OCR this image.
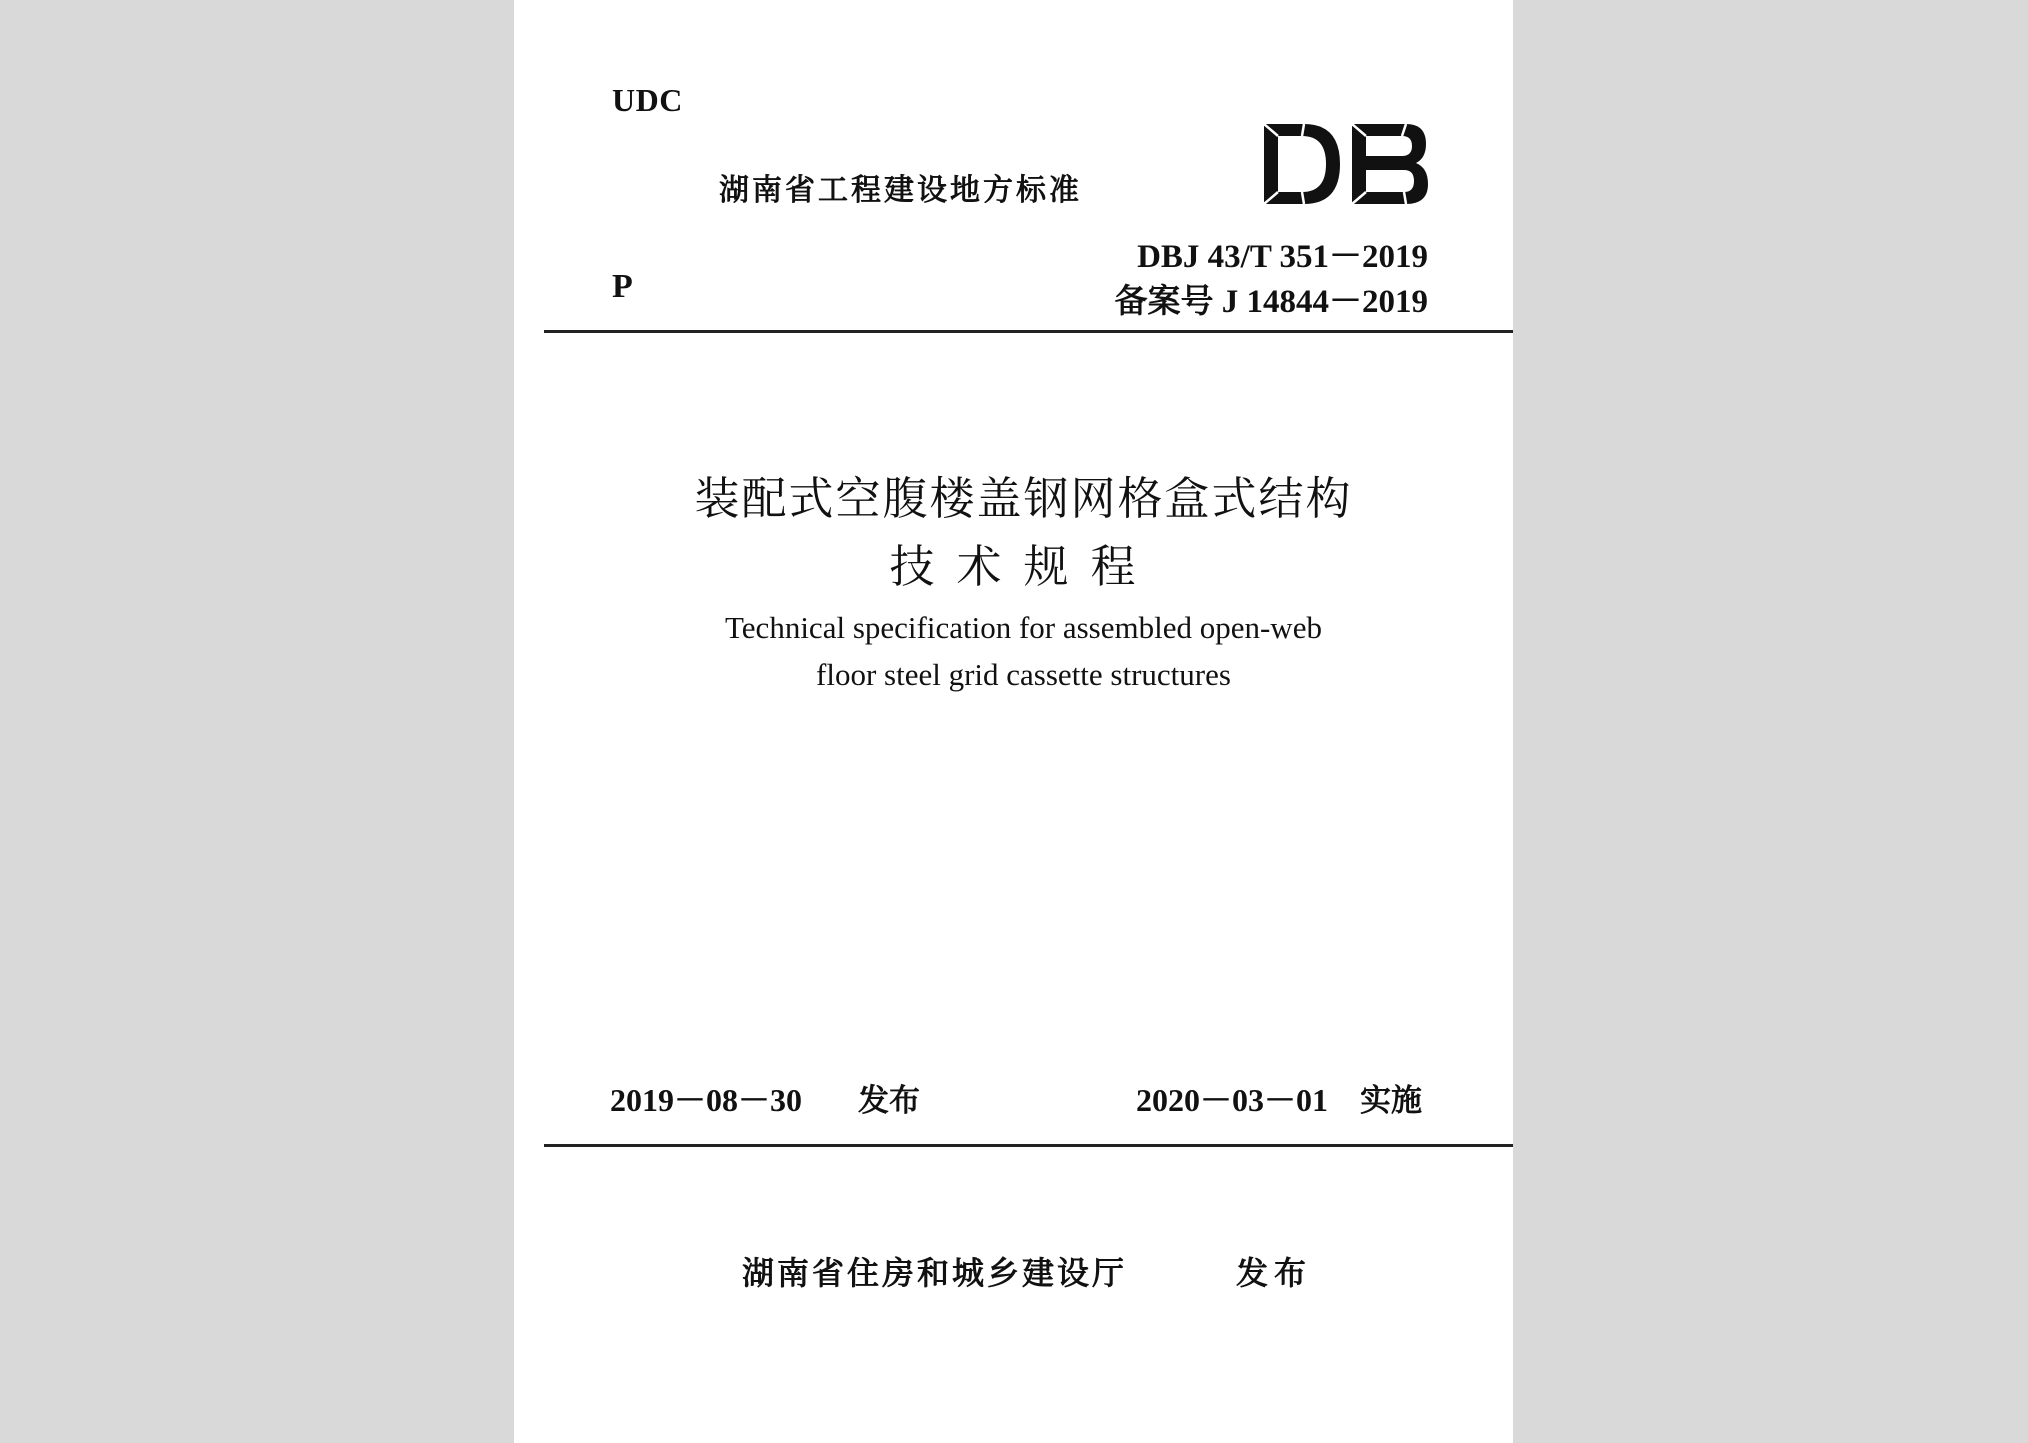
UDC
湖南省工程建设地方标准
DBJ 43/T 351－2019
备案号 J 14844－2019
P
装配式空腹楼盖钢网格盒式结构
技术规程
Technical specification for assembled open-web
floor steel grid cassette structures
2019－08－30 发布	2020－03－01 实施
湖南省住房和城乡建设厅	发布
